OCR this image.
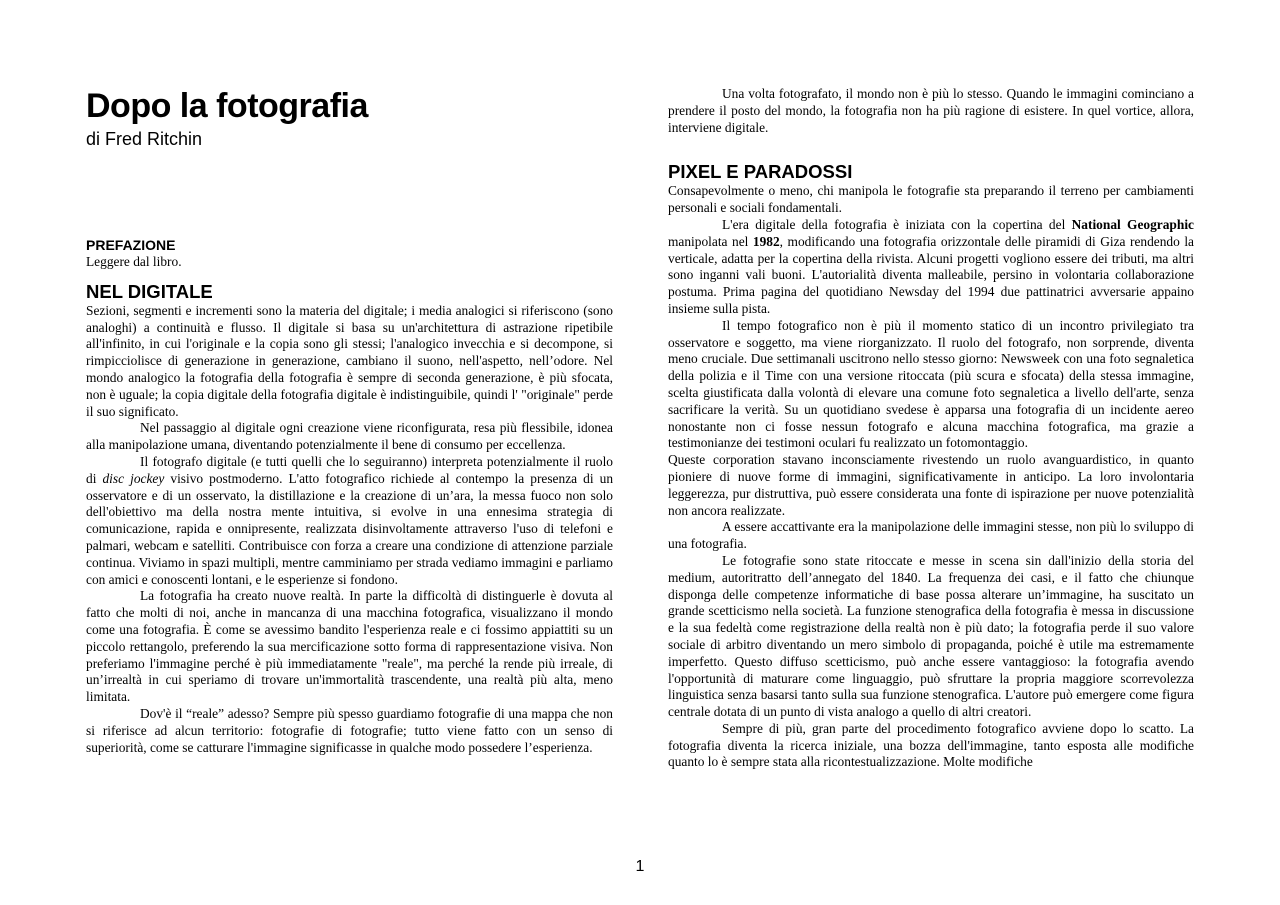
Dopo la fotografia
di Fred Ritchin
PREFAZIONE

Leggere dal libro.

NEL DIGITALE

Sezioni, segmenti e incrementi sono la materia del digitale; i media analogici si riferiscono (sono analoghi) a continuità e flusso. Il digitale si basa su un'architettura di astrazione ripetibile all'infinito, in cui l'originale e la copia sono gli stessi; l'analogico invecchia e si decompone, si rimpicciolisce di generazione in generazione, cambiano il suono, nell'aspetto, nell’odore. Nel mondo analogico la fotografia della fotografia è sempre di seconda generazione, è più sfocata, non è uguale; la copia digitale della fotografia digitale è indistinguibile, quindi l' "originale" perde il suo significato.

Nel passaggio al digitale ogni creazione viene riconfigurata, resa più flessibile, idonea alla manipolazione umana, diventando potenzialmente il bene di consumo per eccellenza.

Il fotografo digitale (e tutti quelli che lo seguiranno) interpreta potenzialmente il ruolo di disc jockey visivo postmoderno. L'atto fotografico richiede al contempo la presenza di un osservatore e di un osservato, la distillazione e la creazione di un’ara, la messa fuoco non solo dell'obiettivo ma della nostra mente intuitiva, si evolve in una ennesima strategia di comunicazione, rapida e onnipresente, realizzata disinvoltamente attraverso l'uso di telefoni e palmari, webcam e satelliti. Contribuisce con forza a creare una condizione di attenzione parziale continua. Viviamo in spazi multipli, mentre camminiamo per strada vediamo immagini e parliamo con amici e conoscenti lontani, e le esperienze si fondono.

La fotografia ha creato nuove realtà. In parte la difficoltà di distinguerle è dovuta al fatto che molti di noi, anche in mancanza di una macchina fotografica, visualizzano il mondo come una fotografia. È come se avessimo bandito l'esperienza reale e ci fossimo appiattiti su un piccolo rettangolo, preferendo la sua mercificazione sotto forma di rappresentazione visiva. Non preferiamo l'immagine perché è più immediatamente "reale", ma perché la rende più irreale, di un’irrealtà in cui speriamo di trovare un'immortalità trascendente, una realtà più alta, meno limitata.

Dov'è il “reale” adesso? Sempre più spesso guardiamo fotografie di una mappa che non si riferisce ad alcun territorio: fotografie di fotografie; tutto viene fatto con un senso di superiorità, come se catturare l'immagine significasse in qualche modo possedere l’esperienza.

Una volta fotografato, il mondo non è più lo stesso. Quando le immagini cominciano a prendere il posto del mondo, la fotografia non ha più ragione di esistere. In quel vortice, allora, interviene digitale.

PIXEL E PARADOSSI

Consapevolmente o meno, chi manipola le fotografie sta preparando il terreno per cambiamenti personali e sociali fondamentali.

L'era digitale della fotografia è iniziata con la copertina del National Geographic manipolata nel 1982, modificando una fotografia orizzontale delle piramidi di Giza rendendo la verticale, adatta per la copertina della rivista. Alcuni progetti vogliono essere dei tributi, ma altri sono inganni vali buoni. L'autorialità diventa malleabile, persino in volontaria collaborazione postuma. Prima pagina del quotidiano Newsday del 1994 due pattinatrici avversarie appaino insieme sulla pista.

Il tempo fotografico non è più il momento statico di un incontro privilegiato tra osservatore e soggetto, ma viene riorganizzato. Il ruolo del fotografo, non sorprende, diventa meno cruciale. Due settimanali uscitrono nello stesso giorno: Newsweek con una foto segnaletica della polizia e il Time con una versione ritoccata (più scura e sfocata) della stessa immagine, scelta giustificata dalla volontà di elevare una comune foto segnaletica a livello dell'arte, senza sacrificare la verità. Su un quotidiano svedese è apparsa una fotografia di un incidente aereo nonostante non ci fosse nessun fotografo e alcuna macchina fotografica, ma grazie a testimonianze dei testimoni oculari fu realizzato un fotomontaggio.

Queste corporation stavano inconsciamente rivestendo un ruolo avanguardistico, in quanto pioniere di nuove forme di immagini, significativamente in anticipo. La loro involontaria leggerezza, pur distruttiva, può essere considerata una fonte di ispirazione per nuove potenzialità non ancora realizzate.

A essere accattivante era la manipolazione delle immagini stesse, non più lo sviluppo di una fotografia.

Le fotografie sono state ritoccate e messe in scena sin dall'inizio della storia del medium, autoritratto dell’annegato del 1840. La frequenza dei casi, e il fatto che chiunque disponga delle competenze informatiche di base possa alterare un’immagine, ha suscitato un grande scetticismo nella società. La funzione stenografica della fotografia è messa in discussione e la sua fedeltà come registrazione della realtà non è più dato; la fotografia perde il suo valore sociale di arbitro diventando un mero simbolo di propaganda, poiché è utile ma estremamente imperfetto. Questo diffuso scetticismo, può anche essere vantaggioso: la fotografia avendo l'opportunità di maturare come linguaggio, può sfruttare la propria maggiore scorrevolezza linguistica senza basarsi tanto sulla sua funzione stenografica. L'autore può emergere come figura centrale dotata di un punto di vista analogo a quello di altri creatori.

Sempre di più, gran parte del procedimento fotografico avviene dopo lo scatto. La fotografia diventa la ricerca iniziale, una bozza dell'immagine, tanto esposta alle modifiche quanto lo è sempre stata alla ricontestualizzazione. Molte modifiche

1
